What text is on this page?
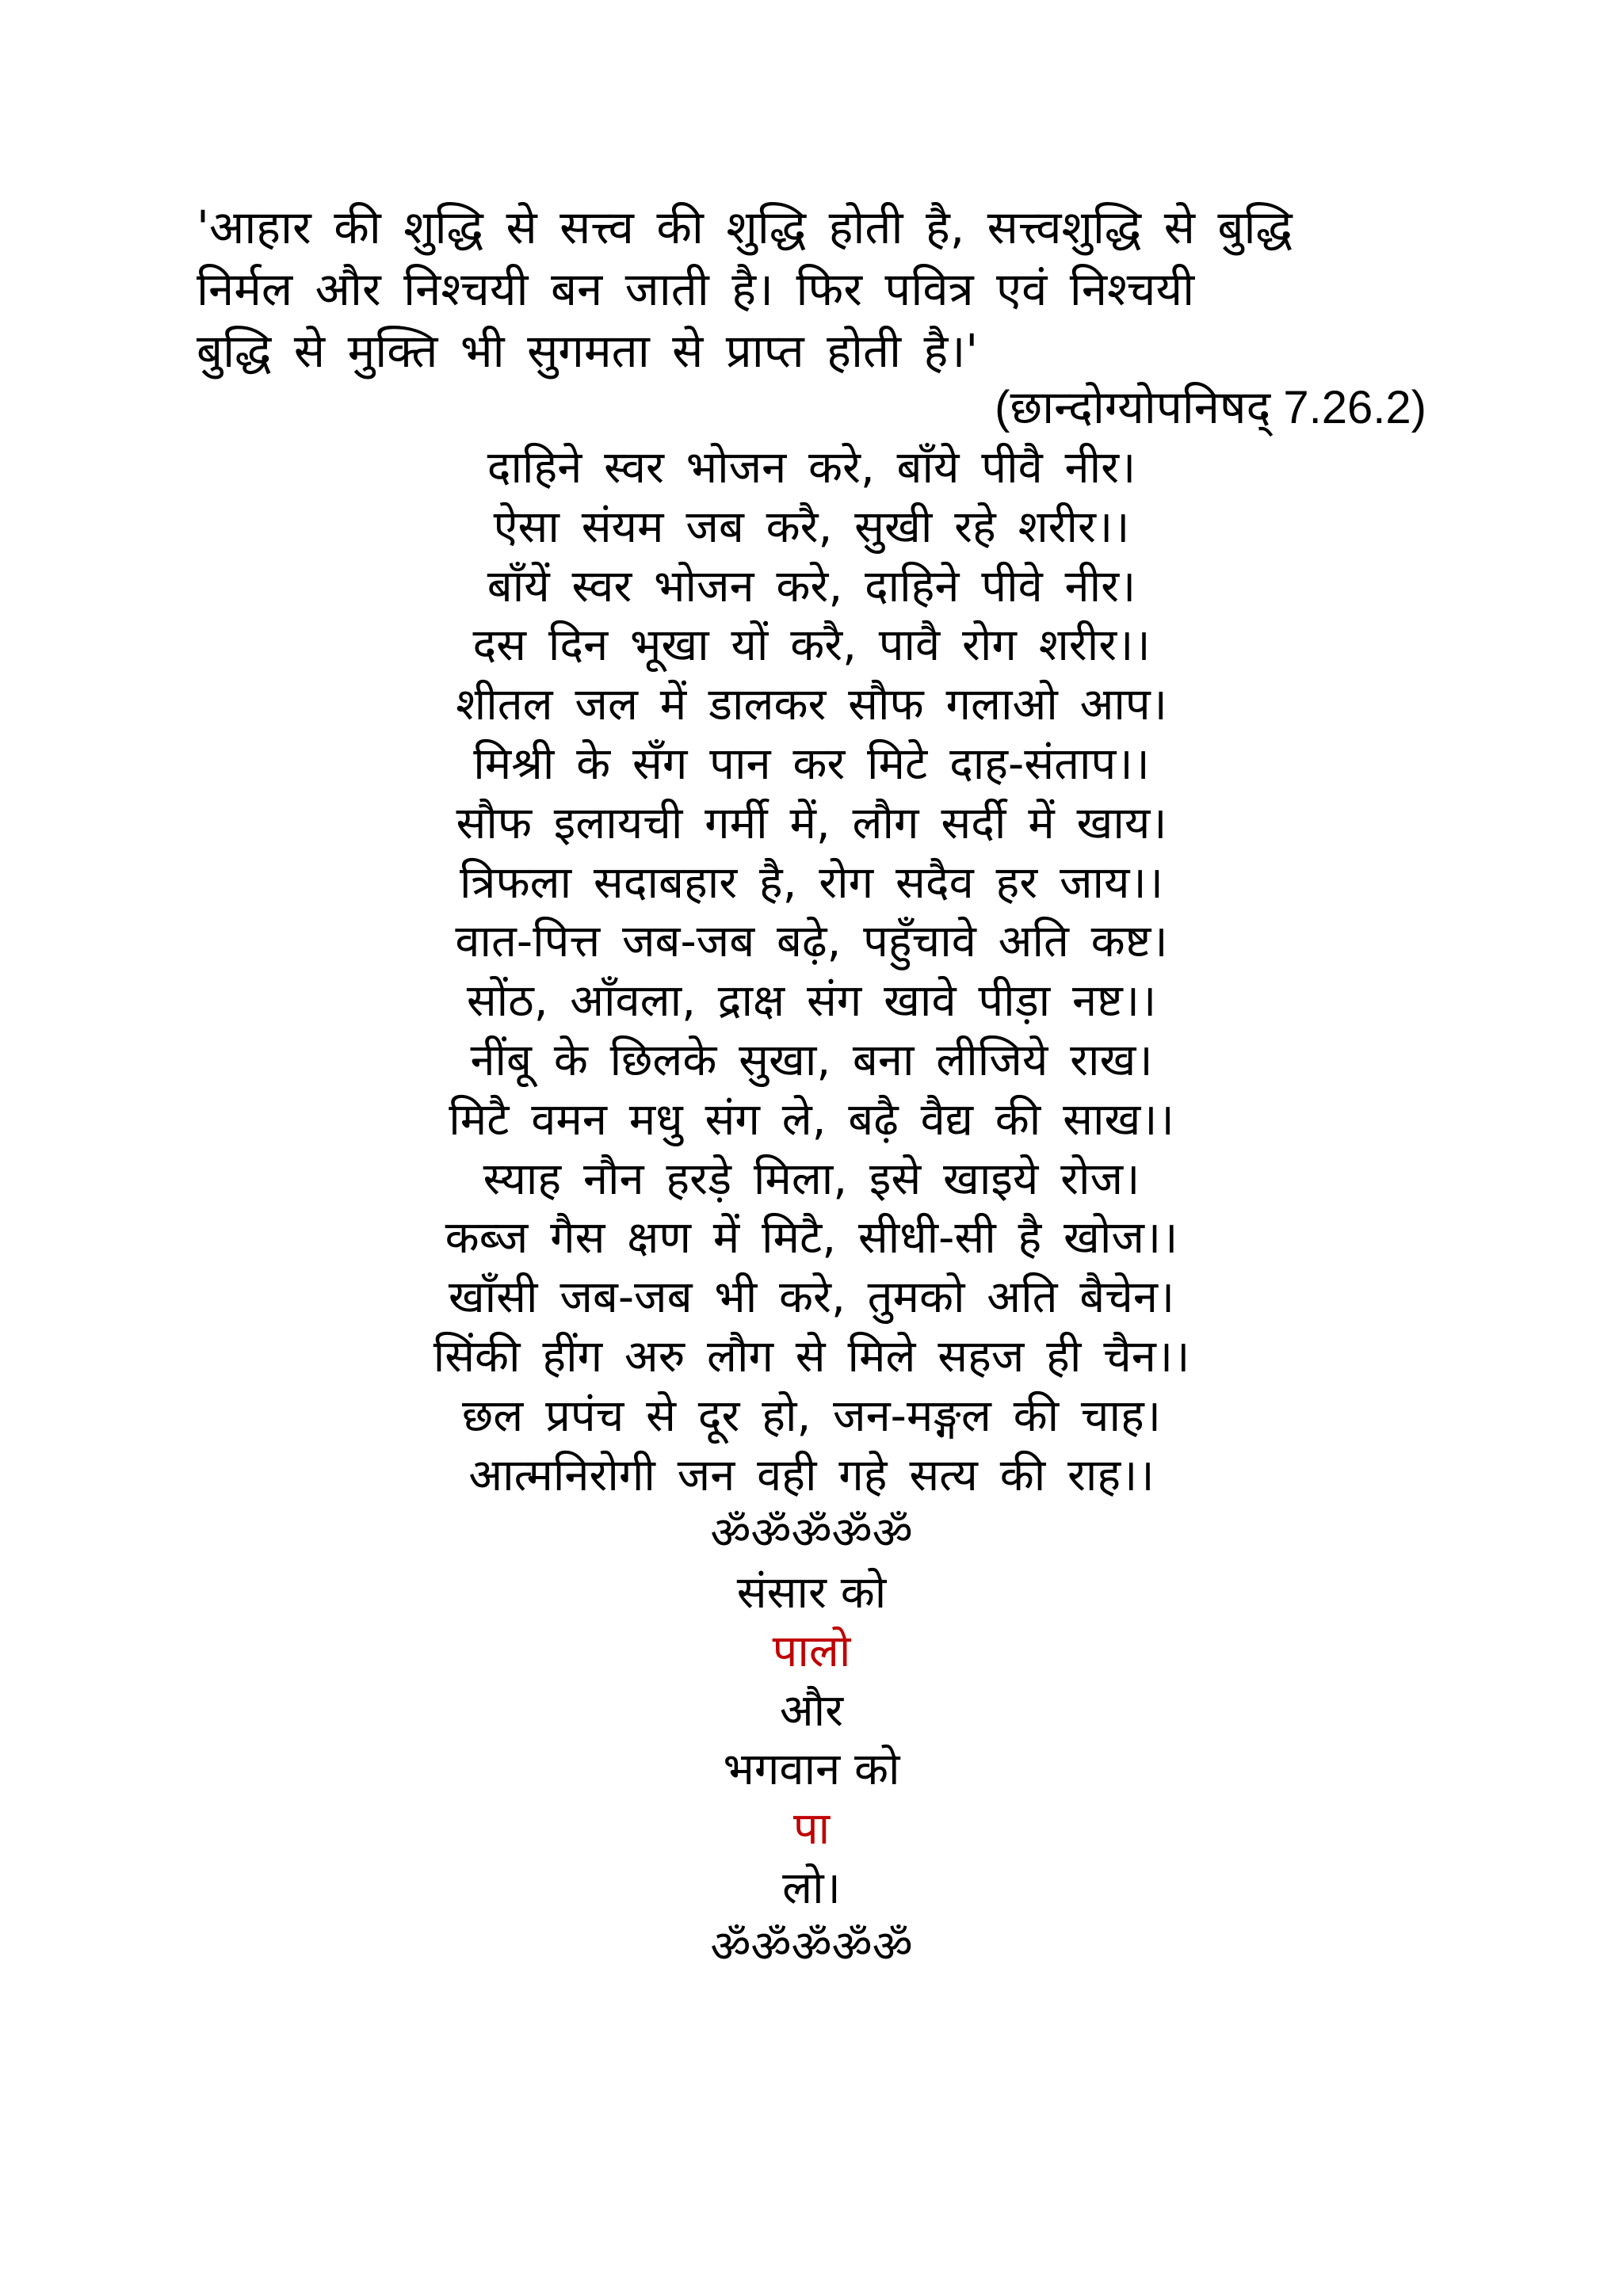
'आहार की शुद्धि से सत्त्व की शुद्धि होती है, सत्त्वशुद्धि से बुद्धि
निर्मल और निश्चयी बन जाती है। फिर पवित्र एवं निश्चयी
बुद्धि से मुक्ति भी सुगमता से प्राप्त होती है।'
(छान्दोग्योपनिषद् 7.26.2)
दाहिने स्वर भोजन करे, बाँये पीवै नीर।
ऐसा संयम जब करै, सुखी रहे शरीर।।
बाँयें स्वर भोजन करे, दाहिने पीवे नीर।
दस दिन भूखा यों करै, पावै रोग शरीर।।
शीतल जल में डालकर सौफ गलाओ आप।
मिश्री के सँग पान कर मिटे दाह-संताप।।
सौफ इलायची गर्मी में, लौग सर्दी में खाय।
त्रिफला सदाबहार है, रोग सदैव हर जाय।।
वात-पित्त जब-जब बढ़े, पहुँचावे अति कष्ट।
सोंठ, आँवला, द्राक्ष संग खावे पीड़ा नष्ट।।
नींबू के छिलके सुखा, बना लीजिये राख।
मिटै वमन मधु संग ले, बढ़ै वैद्य की साख।।
स्याह नौन हरड़े मिला, इसे खाइये रोज।
कब्ज गैस क्षण में मिटै, सीधी-सी है खोज।।
खाँसी जब-जब भी करे, तुमको अति बैचेन।
सिंकी हींग अरु लौग से मिले सहज ही चैन।।
छल प्रपंच से दूर हो, जन-मङ्गल की चाह।
आत्मनिरोगी जन वही गहे सत्य की राह।।
ॐॐॐॐॐ
संसार को
पालो
और
भगवान को
पा
लो।
ॐॐॐॐॐ
